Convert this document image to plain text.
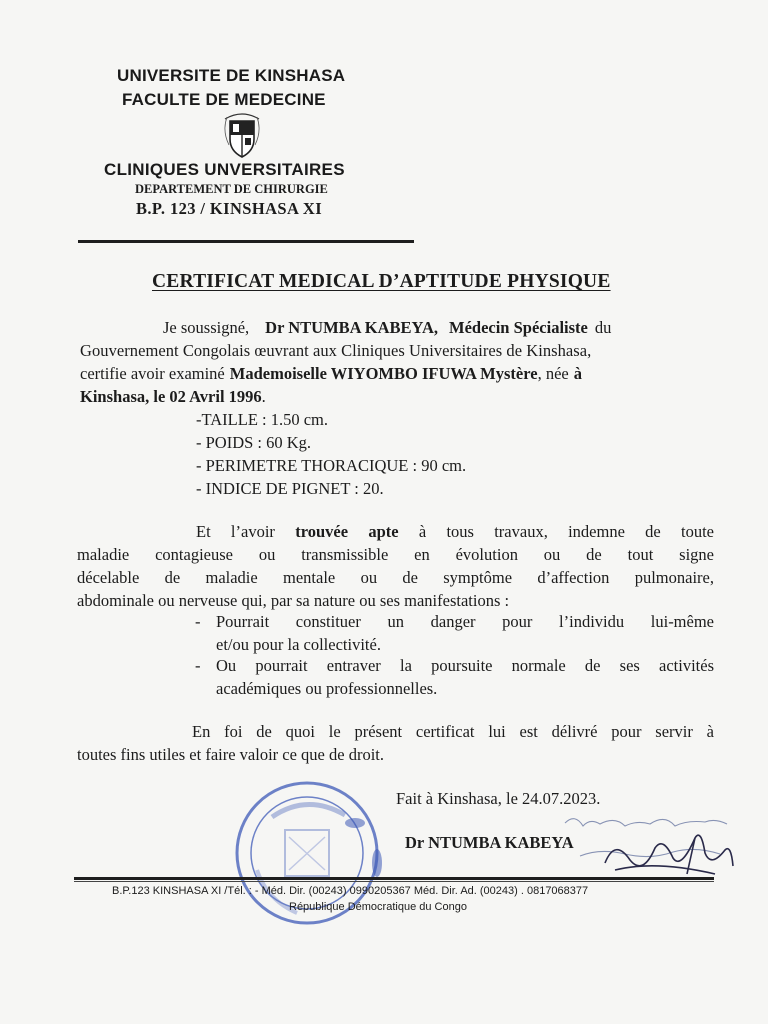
UNIVERSITE DE KINSHASA
FACULTE DE MEDECINE
CLINIQUES UNVERSITAIRES
DEPARTEMENT DE CHIRURGIE
B.P. 123 / KINSHASA XI
CERTIFICAT MEDICAL D’APTITUDE PHYSIQUE
Je soussigné, Dr NTUMBA KABEYA, Médecin Spécialiste du
Gouvernement Congolais œuvrant aux Cliniques Universitaires de Kinshasa,
certifie avoir examiné Mademoiselle WIYOMBO IFUWA Mystère, née à
Kinshasa, le 02 Avril 1996.
-TAILLE : 1.50 cm.
- POIDS : 60 Kg.
- PERIMETRE THORACIQUE : 90 cm.
- INDICE DE PIGNET : 20.
Et l’avoir trouvée apte à tous travaux, indemne de toute
maladie contagieuse ou transmissible en évolution ou de tout signe
décelable de maladie mentale ou de symptôme d’affection pulmonaire,
abdominale ou nerveuse qui, par sa nature ou ses manifestations :
- Pourrait constituer un danger pour l’individu lui-même
et/ou pour la collectivité.
- Ou pourrait entraver la poursuite normale de ses activités
académiques ou professionnelles.
En foi de quoi le présent certificat lui est délivré pour servir à
toutes fins utiles et faire valoir ce que de droit.
Fait à Kinshasa, le 24.07.2023.
Dr NTUMBA KABEYA
B.P.123 KINSHASA XI /Tél. : - Méd. Dir. (00243) 0990205367 Méd. Dir. Ad. (00243) . 0817068377
République Démocratique du Congo
